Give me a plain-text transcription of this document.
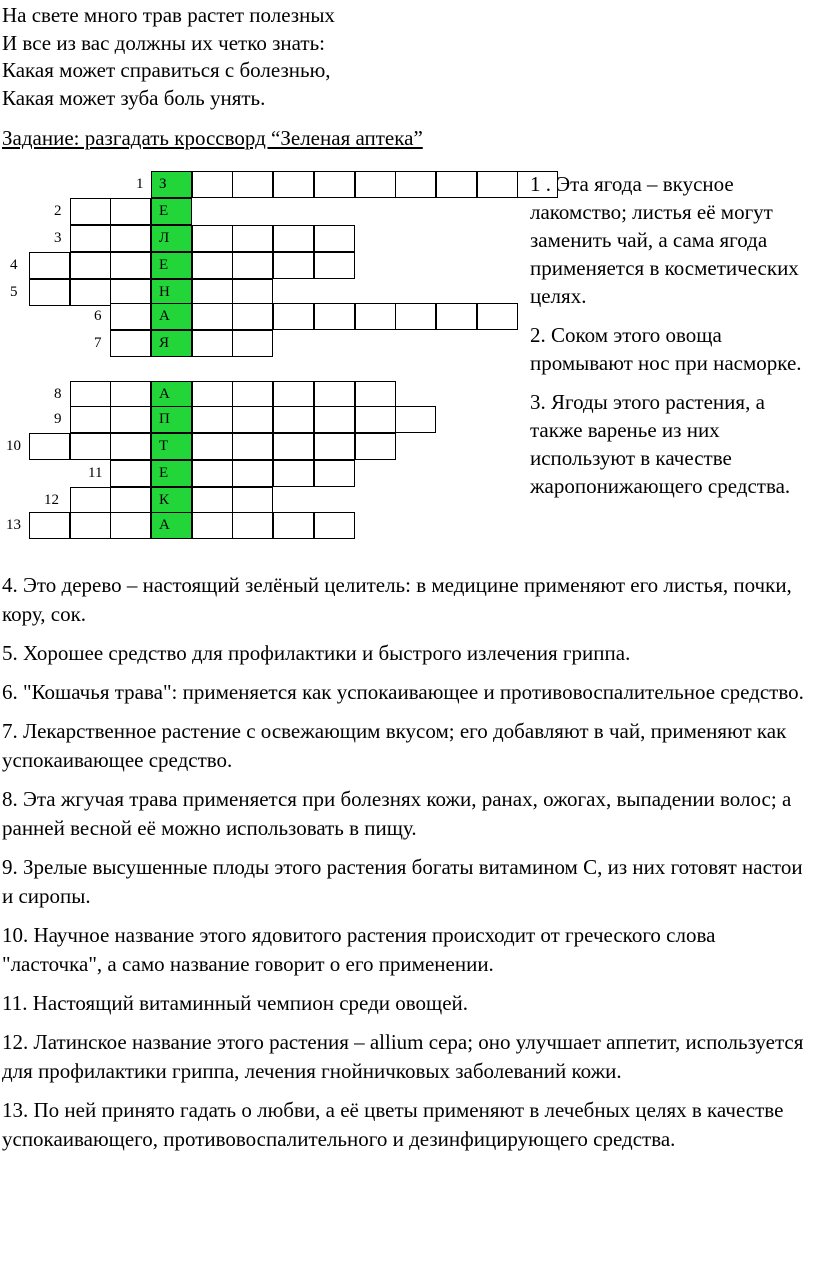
На свете много трав растет полезных
И все из вас должны их четко знать:
Какая может справиться с болезнью,
Какая может зуба боль унять.
Задание: разгадать кроссворд “Зеленая аптека”
З
1
Е
2
Л
3
Е
4
Н
5
А
6
Я
7
А
8
П
9
Т
10
Е
11
К
12
А
13

1 . Эта ягода – вкусное лакомство; листья её могут заменить чай, а сама ягода применяется в косметических целях.

2. Соком этого овоща промывают нос при насморке.

3. Ягоды этого растения, а также варенье из них используют в качестве жаропонижающего средства.

4. Это дерево – настоящий зелёный целитель: в медицине применяют его листья, почки, кору, сок.

5. Хорошее средство для профилактики и быстрого излечения гриппа.

6. "Кошачья трава": применяется как успокаивающее и противовоспалительное средство.

7. Лекарственное растение с освежающим вкусом; его добавляют в чай, применяют как успокаивающее средство.

8. Эта жгучая трава применяется при болезнях кожи, ранах, ожогах, выпадении волос; а ранней весной её можно использовать в пищу.

9. Зрелые высушенные плоды этого растения богаты витамином С, из них готовят настои и сиропы.

10. Научное название этого ядовитого растения происходит от греческого слова "ласточка", а само название говорит о его применении.

11. Настоящий витаминный чемпион среди овощей.

12. Латинское название этого растения – allium cepa; оно улучшает аппетит, используется для профилактики гриппа, лечения гнойничковых заболеваний кожи.

13. По ней принято гадать о любви, а её цветы применяют в лечебных целях в качестве успокаивающего, противовоспалительного и дезинфицирующего средства.
